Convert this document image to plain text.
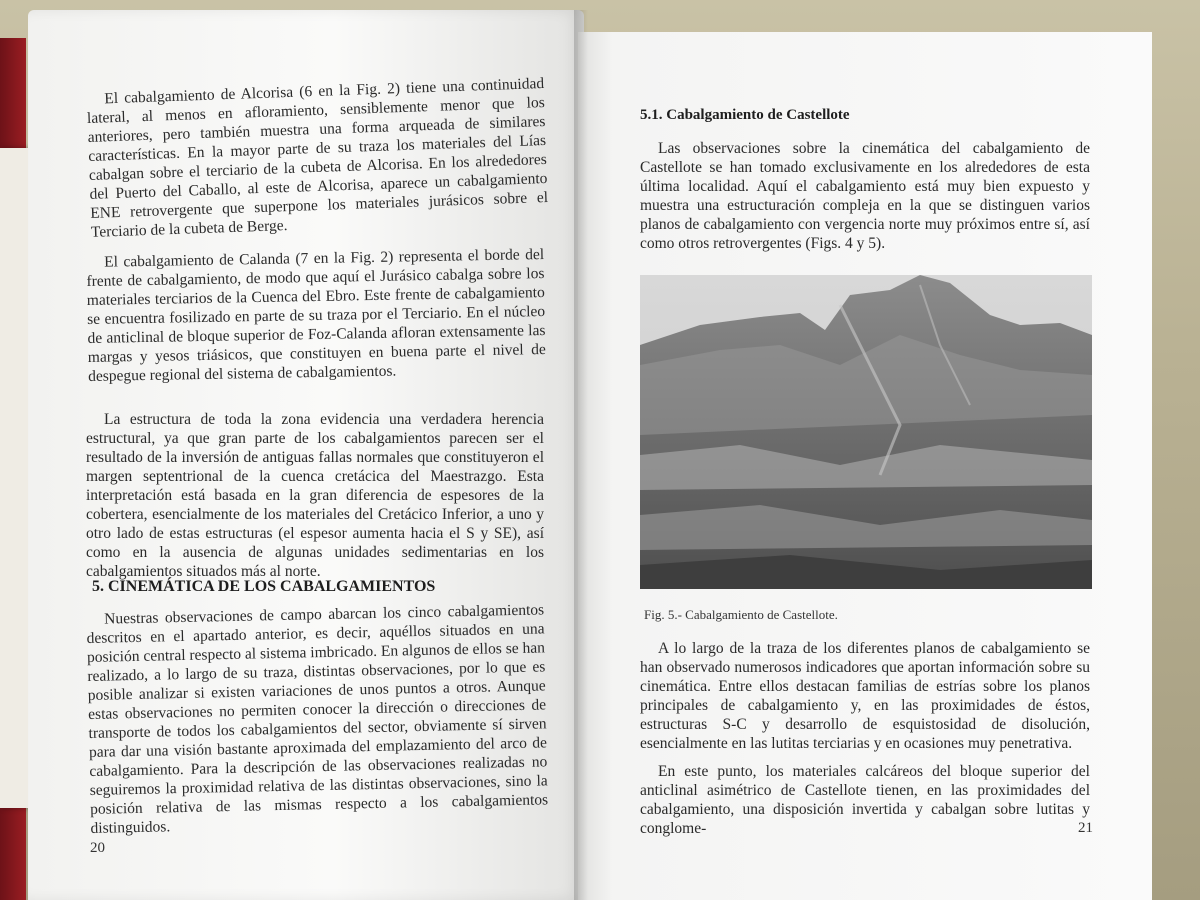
El cabalgamiento de Alcorisa (6 en la Fig. 2) tiene una continuidad lateral, al menos en afloramiento, sensiblemente menor que los anteriores, pero también muestra una forma arqueada de similares características. En la mayor parte de su traza los materiales del Lías cabalgan sobre el terciario de la cubeta de Alcorisa. En los alrededores del Puerto del Caballo, al este de Alcorisa, aparece un cabalgamiento ENE retrovergente que superpone los materiales jurásicos sobre el Terciario de la cubeta de Berge.

El cabalgamiento de Calanda (7 en la Fig. 2) representa el borde del frente de cabalgamiento, de modo que aquí el Jurásico cabalga sobre los materiales terciarios de la Cuenca del Ebro. Este frente de cabalgamiento se encuentra fosilizado en parte de su traza por el Terciario. En el núcleo de anticlinal de bloque superior de Foz-Calanda afloran extensamente las margas y yesos triásicos, que constituyen en buena parte el nivel de despegue regional del sistema de cabalgamientos.

La estructura de toda la zona evidencia una verdadera herencia estructural, ya que gran parte de los cabalgamientos parecen ser el resultado de la inversión de antiguas fallas normales que constituyeron el margen septentrional de la cuenca cretácica del Maestrazgo. Esta interpretación está basada en la gran diferencia de espesores de la cobertera, esencialmente de los materiales del Cretácico Inferior, a uno y otro lado de estas estructuras (el espesor aumenta hacia el S y SE), así como en la ausencia de algunas unidades sedimentarias en los cabalgamientos situados más al norte.

5. CINEMÁTICA DE LOS CABALGAMIENTOS

Nuestras observaciones de campo abarcan los cinco cabalgamientos descritos en el apartado anterior, es decir, aquéllos situados en una posición central respecto al sistema imbricado. En algunos de ellos se han realizado, a lo largo de su traza, distintas observaciones, por lo que es posible analizar si existen variaciones de unos puntos a otros. Aunque estas observaciones no permiten conocer la dirección o direcciones de transporte de todos los cabalgamientos del sector, obviamente sí sirven para dar una visión bastante aproximada del emplazamiento del arco de cabalgamiento. Para la descripción de las observaciones realizadas no seguiremos la proximidad relativa de las distintas observaciones, sino la posición relativa de las mismas respecto a los cabalgamientos distinguidos.

20
5.1. Cabalgamiento de Castellote

Las observaciones sobre la cinemática del cabalgamiento de Castellote se han tomado exclusivamente en los alrededores de esta última localidad. Aquí el cabalgamiento está muy bien expuesto y muestra una estructuración compleja en la que se distinguen varios planos de cabalgamiento con vergencia norte muy próximos entre sí, así como otros retrovergentes (Figs. 4 y 5).

Fig. 5.- Cabalgamiento de Castellote.

A lo largo de la traza de los diferentes planos de cabalgamiento se han observado numerosos indicadores que aportan información sobre su cinemática. Entre ellos destacan familias de estrías sobre los planos principales de cabalgamiento y, en las proximidades de éstos, estructuras S-C y desarrollo de esquistosidad de disolución, esencialmente en las lutitas terciarias y en ocasiones muy penetrativa.

En este punto, los materiales calcáreos del bloque superior del anticlinal asimétrico de Castellote tienen, en las proximidades del cabalgamiento, una disposición invertida y cabalgan sobre lutitas y conglome-	21
